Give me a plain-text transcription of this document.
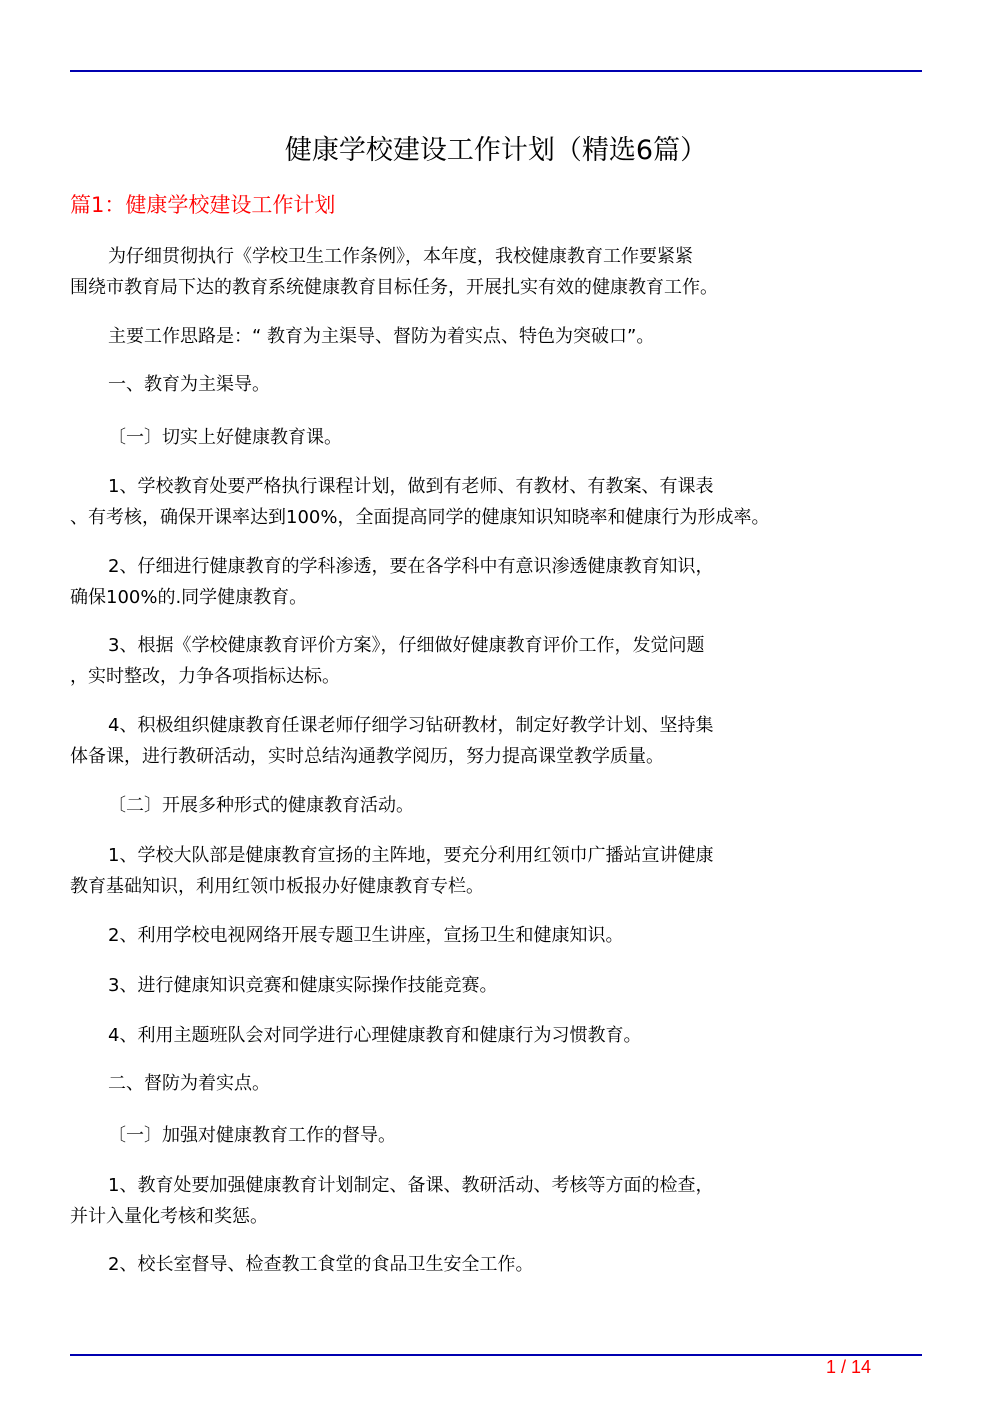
健康学校建设工作计划（精选6篇）
篇1：健康学校建设工作计划
为仔细贯彻执行《学校卫生工作条例》，本年度，我校健康教育工作要紧紧
围绕市教育局下达的教育系统健康教育目标任务，开展扎实有效的健康教育工作。
主要工作思路是：“ 教育为主渠导、督防为着实点、特色为突破口”。
一、教育为主渠导。
〔一〕切实上好健康教育课。
1、学校教育处要严格执行课程计划，做到有老师、有教材、有教案、有课表
、有考核，确保开课率达到100%，全面提高同学的健康知识知晓率和健康行为形成率。
2、仔细进行健康教育的学科渗透，要在各学科中有意识渗透健康教育知识，
确保100%的.同学健康教育。
3、根据《学校健康教育评价方案》，仔细做好健康教育评价工作，发觉问题
，实时整改，力争各项指标达标。
4、积极组织健康教育任课老师仔细学习钻研教材，制定好教学计划、坚持集
体备课，进行教研活动，实时总结沟通教学阅历，努力提高课堂教学质量。
〔二〕开展多种形式的健康教育活动。
1、学校大队部是健康教育宣扬的主阵地，要充分利用红领巾广播站宣讲健康
教育基础知识，利用红领巾板报办好健康教育专栏。
2、利用学校电视网络开展专题卫生讲座，宣扬卫生和健康知识。
3、进行健康知识竞赛和健康实际操作技能竞赛。
4、利用主题班队会对同学进行心理健康教育和健康行为习惯教育。
二、督防为着实点。
〔一〕加强对健康教育工作的督导。
1、教育处要加强健康教育计划制定、备课、教研活动、考核等方面的检查，
并计入量化考核和奖惩。
2、校长室督导、检查教工食堂的食品卫生安全工作。
1 / 14
